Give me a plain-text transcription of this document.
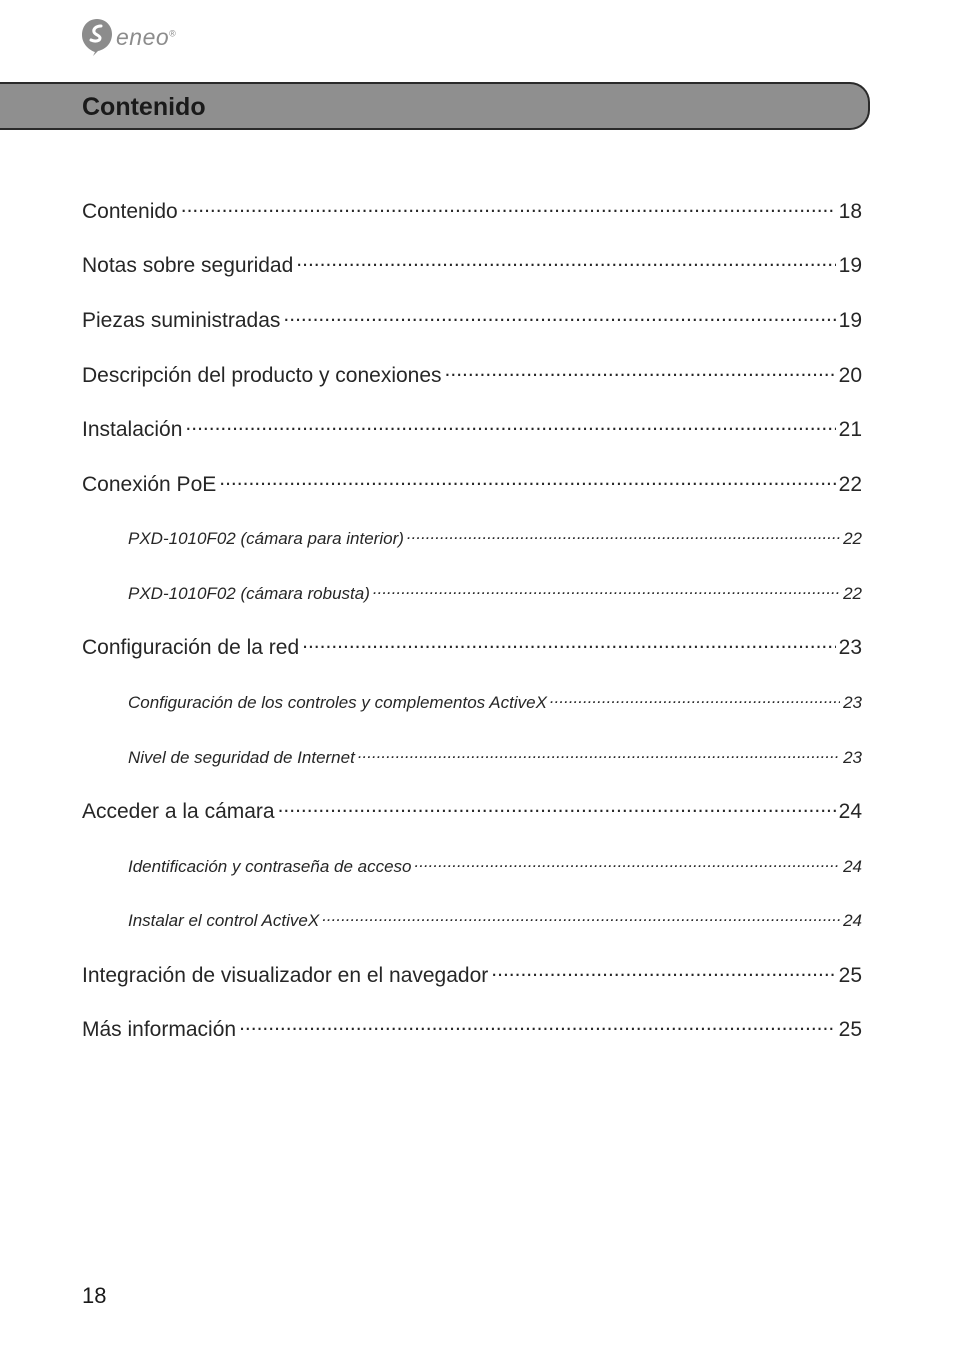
eneo®
Contenido
Contenido .....	18
Notas sobre seguridad .....	19
Piezas suministradas .....	19
Descripción del producto y conexiones .....	20
Instalación .....	21
Conexión PoE .....	22
PXD-1010F02 (cámara para interior) .....	22
PXD-1010F02 (cámara robusta) .....	22
Configuración de la red .....	23
Configuración de los controles y complementos ActiveX .....	23
Nivel de seguridad de Internet .....	23
Acceder a la cámara .....	24
Identificación y contraseña de acceso .....	24
Instalar el control ActiveX .....	24
Integración de visualizador en el navegador .....	25
Más información .....	25
18
